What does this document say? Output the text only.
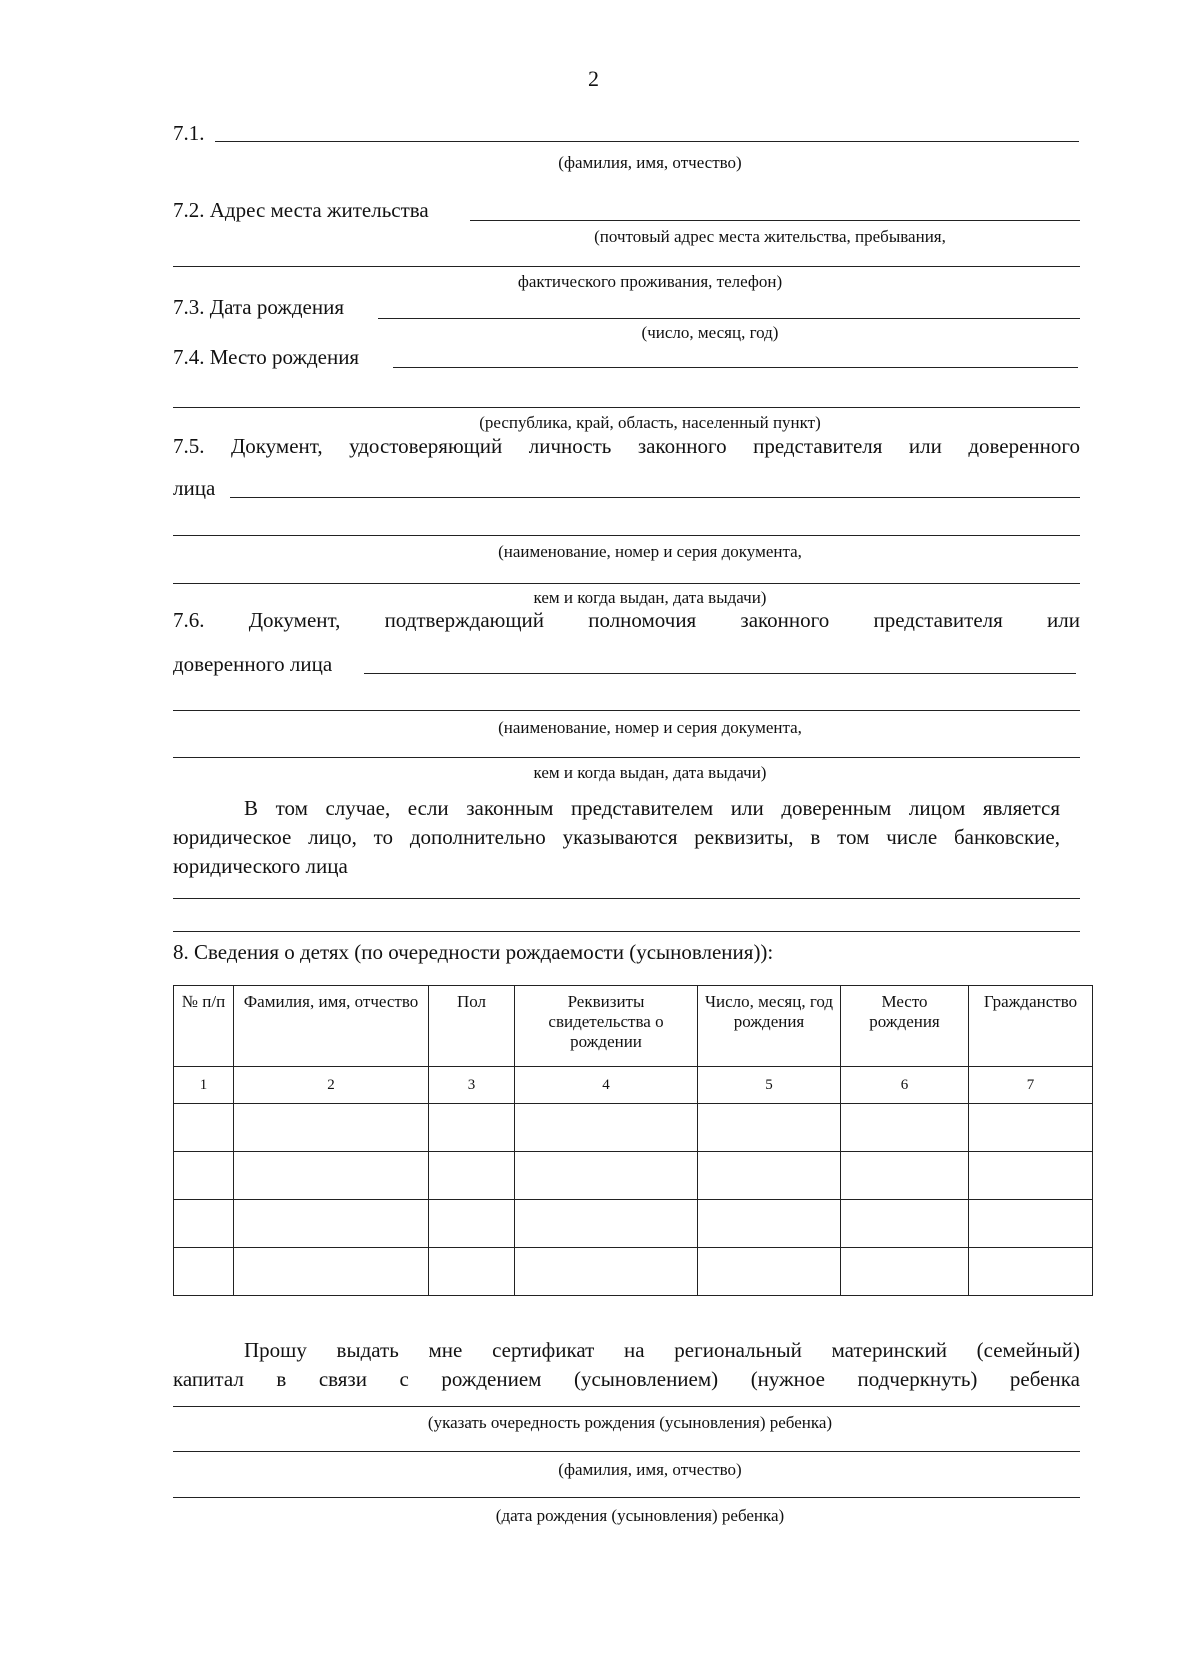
2
7.1.
(фамилия, имя, отчество)
7.2. Адрес места жительства
(почтовый адрес места жительства, пребывания,
фактического проживания, телефон)
7.3. Дата рождения
(число, месяц, год)
7.4. Место рождения
(республика, край, область, населенный пункт)
7.5. Документ, удостоверяющий личность законного представителя или доверенного
лица
(наименование, номер и серия документа,
кем и когда выдан, дата выдачи)
7.6. Документ, подтверждающий полномочия законного представителя или
доверенного лица
(наименование, номер и серия документа,
кем и когда выдан, дата выдачи)
В том случае, если законным представителем или доверенным лицом является юридическое лицо, то дополнительно указываются реквизиты, в том числе банковские, юридического лица
8. Сведения о детях (по очередности рождаемости (усыновления)):
№ п/п	Фамилия, имя, отчество	Пол	Реквизиты свидетельства о рождении	Число, месяц, год рождения	Место рождения	Гражданство
1	2	3	4	5	6	7

Прошу выдать мне сертификат на региональный материнский (семейный)
капитал в связи с рождением (усыновлением) (нужное подчеркнуть) ребенка
(указать очередность рождения (усыновления) ребенка)
(фамилия, имя, отчество)
(дата рождения (усыновления) ребенка)
